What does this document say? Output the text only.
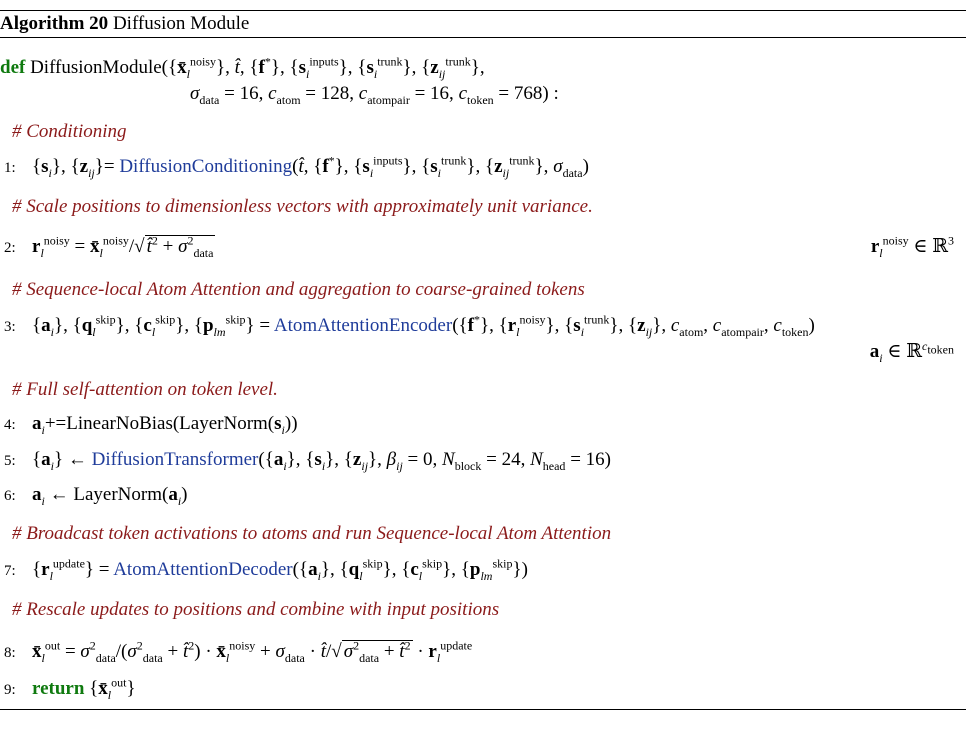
Algorithm 20 Diffusion Module
def $DiffusionModule(\{x̄_l^{noisy}\}$, t̂, {f*}, $\{s_i^{inputs}\}$, $\{s_i^{trunk}\}$, $\{z_{ij}^{trunk}\}$,
$\sigma_{data} = 16$, $c_{atom} = 128$, $c_{atompair} = 16$, $c_{token} = 768$) :
# Conditioning
1: $\{s_i\}$, $\{z_{ij}\}=$ DiffusionConditioning(t̂, {f*}, $\{s_i^{inputs}\}$, $\{s_i^{trunk}\}$, $\{z_{ij}^{trunk}\}$, $\sigma_{data}$)
# Scale positions to dimensionless vectors with approximately unit variance.
2: $r_l^{noisy}$ = $x̄_l^{noisy}/√$ t̂$^2$ + $\sigma^2_{data}$	$r_l^{noisy}$ ∈ ℝ$^3$
# Sequence-local Atom Attention and aggregation to coarse-grained tokens
3: $\{a_i\}$, $\{q_l^{skip}\}$, $\{c_l^{skip}\}$, $\{p_{lm}^{skip}\}$ = AtomAttentionEncoder({f*}, $\{r_l^{noisy}\}$, $\{s_i^{trunk}\}$, $\{z_{ij}\}$, $c_{atom}$, $c_{atompair}$, $c_{token}$)
$a_i$ ∈ ℝ$^{c_{token}}$
# Full self-attention on token level.
4: $a_i+=LinearNoBias(LayerNorm(s_i))$
5: $\{a_i\}$ ← $DiffusionTransformer(\{a_i\}$, $\{s_i\}$, $\{z_{ij}\}$, $\beta_{ij} = 0$, $N_{block} = 24$, $N_{head} = 16$)
6: $a_i$ ← $LayerNorm(a_i)$
# Broadcast token activations to atoms and run Sequence-local Atom Attention
7: $\{r_l^{update}\}$ = $AtomAttentionDecoder(\{a_i\}$, $\{q_l^{skip}\}$, $\{c_l^{skip}\}$, $\{p_{lm}^{skip}\}$)
# Rescale updates to positions and combine with input positions
8: $x̄_l^{out} = \sigma^2_{data}/(\sigma^2_{data}$ + t̂$^2$) · $x̄_l^{noisy} + \sigma_{data}$ · t̂/√ $\sigma^2_{data}$ + t̂$^2$ · $r_l^{update}$
9: return $\{x̄_l^{out}\}$
